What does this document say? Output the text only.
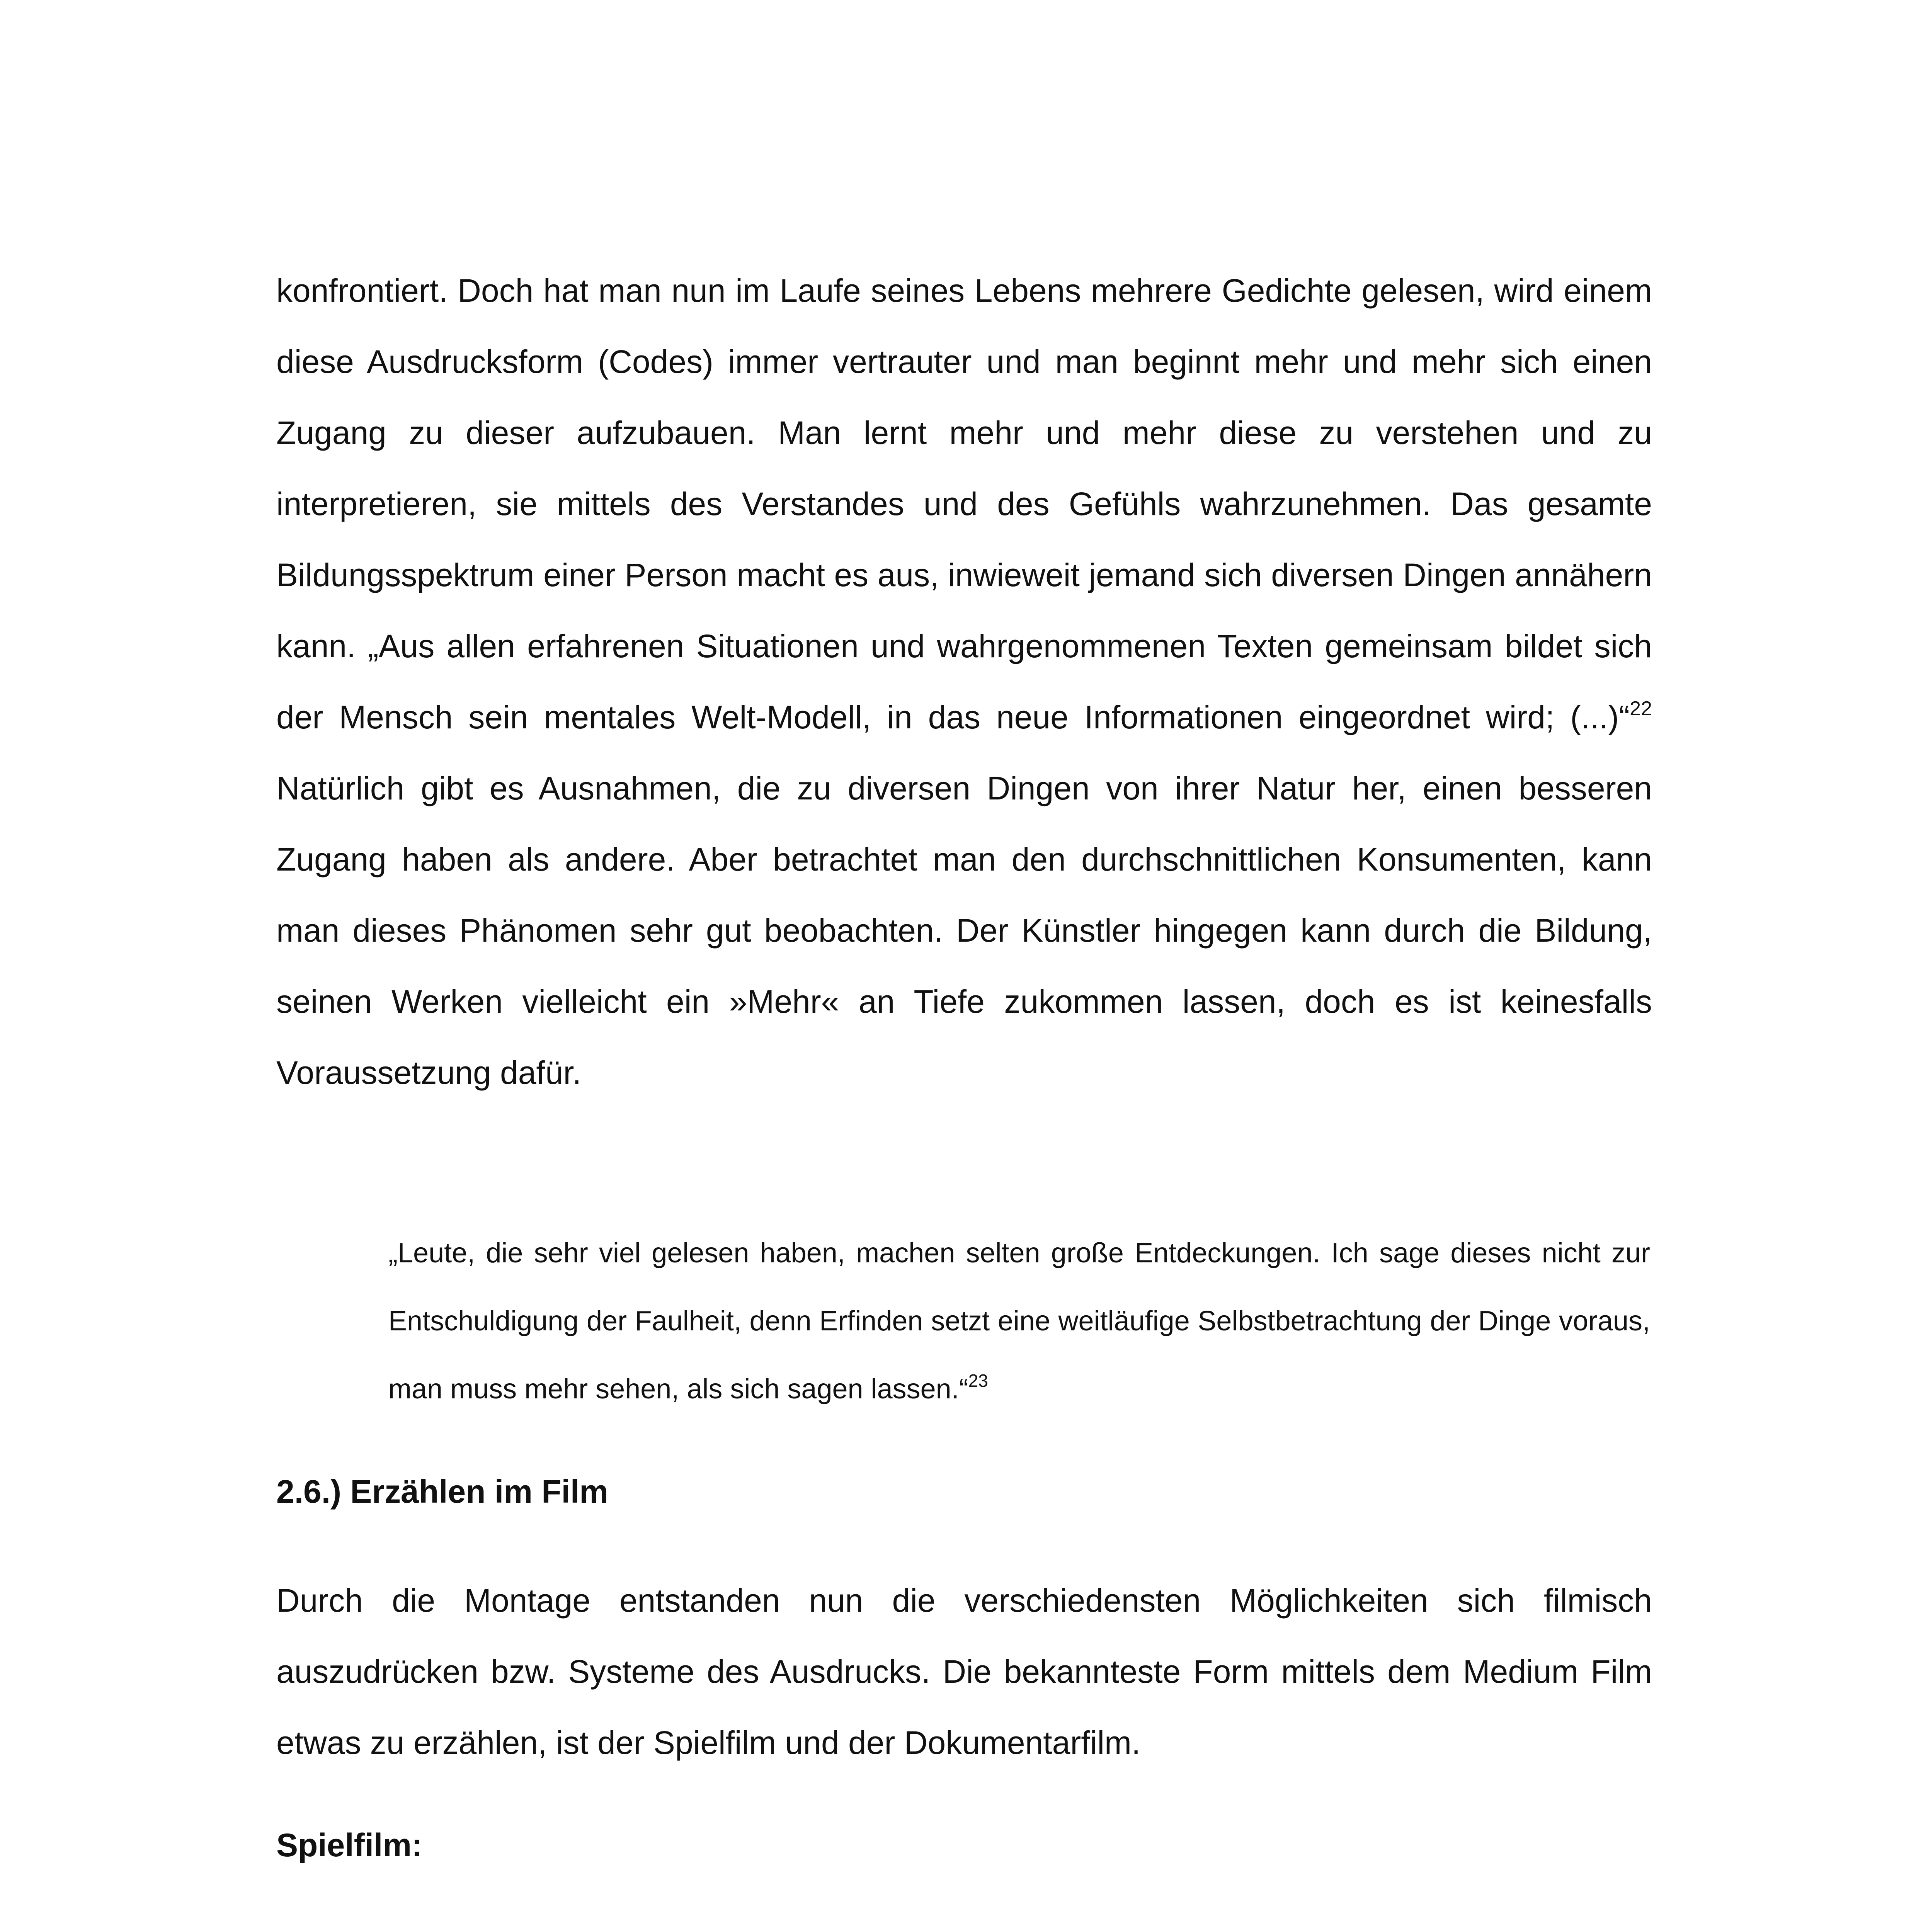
konfrontiert. Doch hat man nun im Laufe seines Lebens mehrere Gedichte gelesen, wird einem diese Ausdrucksform (Codes) immer vertrauter und man beginnt mehr und mehr sich einen Zugang zu dieser aufzubauen. Man lernt mehr und mehr diese zu verstehen und zu interpretieren, sie mittels des Verstandes und des Gefühls wahrzunehmen. Das gesamte Bildungsspektrum einer Person macht es aus, inwieweit jemand sich diversen Dingen annähern kann. „Aus allen erfahrenen Situationen und wahrgenommenen Texten gemeinsam bildet sich der Mensch sein mentales Welt-Modell, in das neue Informationen eingeordnet wird; (...)“$^{22}$ Natürlich gibt es Ausnahmen, die zu diversen Dingen von ihrer Natur her, einen besseren Zugang haben als andere. Aber betrachtet man den durchschnittlichen Konsumenten, kann man dieses Phänomen sehr gut beobachten. Der Künstler hingegen kann durch die Bildung, seinen Werken vielleicht ein »Mehr« an Tiefe zukommen lassen, doch es ist keinesfalls Voraussetzung dafür.

„Leute, die sehr viel gelesen haben, machen selten große Entdeckungen. Ich sage dieses nicht zur Entschuldigung der Faulheit, denn Erfinden setzt eine weitläufige Selbstbetrachtung der Dinge voraus, man muss mehr sehen, als sich sagen lassen.“$^{23}$
2.6.) Erzählen im Film

Durch die Montage entstanden nun die verschiedensten Möglichkeiten sich filmisch auszudrücken bzw. Systeme des Ausdrucks. Die bekannteste Form mittels dem Medium Film etwas zu erzählen, ist der Spielfilm und der Dokumentarfilm.

Spielfilm:
